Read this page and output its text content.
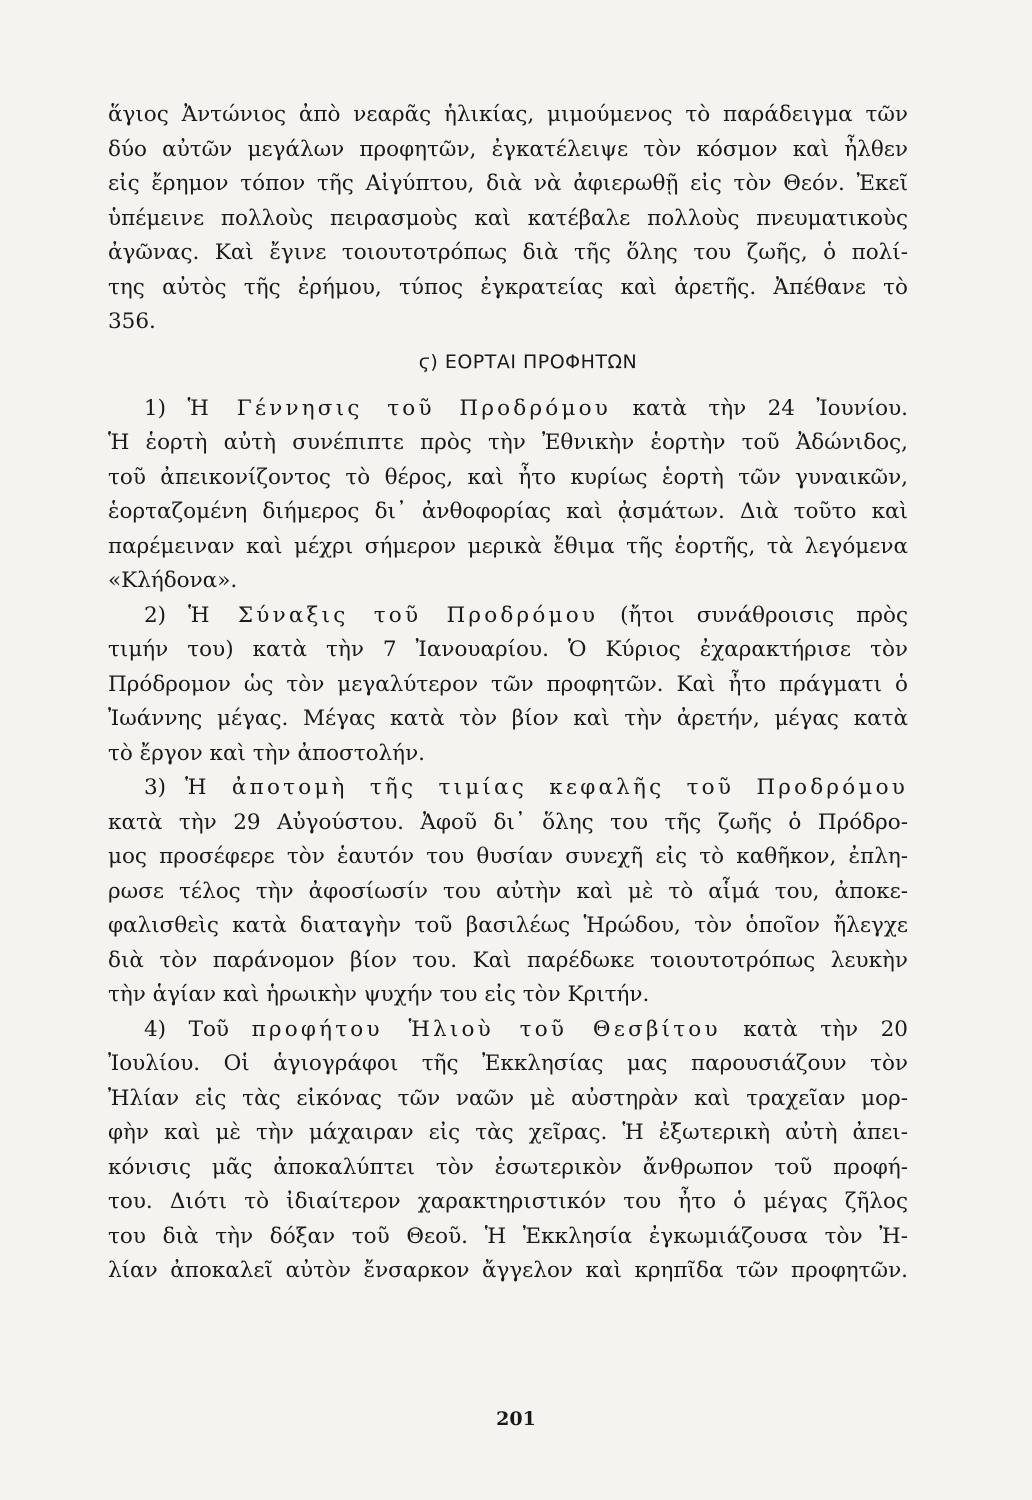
ἅγιος Ἀντώνιος ἀπὸ νεαρᾶς ἡλικίας, μιμούμενος τὸ παράδειγμα τῶν
δύο αὐτῶν μεγάλων προφητῶν, ἐγκατέλειψε τὸν κόσμον καὶ ἦλθεν
εἰς ἔρημον τόπον τῆς Αἰγύπτου, διὰ νὰ ἀφιερωθῇ εἰς τὸν Θεόν. Ἐκεῖ
ὑπέμεινε πολλοὺς πειρασμοὺς καὶ κατέβαλε πολλοὺς πνευματικοὺς
ἀγῶνας. Καὶ ἔγινε τοιουτοτρόπως διὰ τῆς ὅλης του ζωῆς, ὁ πολί-
της αὐτὸς τῆς ἐρήμου, τύπος ἐγκρατείας καὶ ἀρετῆς. Ἀπέθανε τὸ
356.
ϛ) ΕΟΡΤΑΙ ΠΡΟΦΗΤΩΝ
1) Ἡ Γέννησις τοῦ Προδρόμου κατὰ τὴν 24 Ἰουνίου.
Ἡ ἑορτὴ αὐτὴ συνέπιπτε πρὸς τὴν Ἐθνικὴν ἑορτὴν τοῦ Ἀδώνιδος,
τοῦ ἀπεικονίζοντος τὸ θέρος, καὶ ἦτο κυρίως ἑορτὴ τῶν γυναικῶν,
ἑορταζομένη διήμερος δι᾿ ἀνθοφορίας καὶ ᾀσμάτων. Διὰ τοῦτο καὶ
παρέμειναν καὶ μέχρι σήμερον μερικὰ ἔθιμα τῆς ἑορτῆς, τὰ λεγόμενα
«Κλήδονα».
2) Ἡ Σύναξις τοῦ Προδρόμου (ἤτοι συνάθροισις πρὸς
τιμήν του) κατὰ τὴν 7 Ἰανουαρίου. Ὁ Κύριος ἐχαρακτήρισε τὸν
Πρόδρομον ὡς τὸν μεγαλύτερον τῶν προφητῶν. Καὶ ἦτο πράγματι ὁ
Ἰωάννης μέγας. Μέγας κατὰ τὸν βίον καὶ τὴν ἀρετήν, μέγας κατὰ
τὸ ἔργον καὶ τὴν ἀποστολήν.
3) Ἡ ἀποτομὴ τῆς τιμίας κεφαλῆς τοῦ Προδρόμου
κατὰ τὴν 29 Αὐγούστου. Ἀφοῦ δι᾿ ὅλης του τῆς ζωῆς ὁ Πρόδρο-
μος προσέφερε τὸν ἑαυτόν του θυσίαν συνεχῆ εἰς τὸ καθῆκον, ἐπλη-
ρωσε τέλος τὴν ἀφοσίωσίν του αὐτὴν καὶ μὲ τὸ αἷμά του, ἀποκε-
φαλισθεὶς κατὰ διαταγὴν τοῦ βασιλέως Ἡρώδου, τὸν ὁποῖον ἤλεγχε
διὰ τὸν παράνομον βίον του. Καὶ παρέδωκε τοιουτοτρόπως λευκὴν
τὴν ἁγίαν καὶ ἡρωικὴν ψυχήν του εἰς τὸν Κριτήν.
4) Τοῦ προφήτου Ἡλιοὺ τοῦ Θεσβίτου κατὰ τὴν 20
Ἰουλίου. Οἱ ἁγιογράφοι τῆς Ἐκκλησίας μας παρουσιάζουν τὸν
Ἠλίαν εἰς τὰς εἰκόνας τῶν ναῶν μὲ αὐστηρὰν καὶ τραχεῖαν μορ-
φὴν καὶ μὲ τὴν μάχαιραν εἰς τὰς χεῖρας. Ἡ ἐξωτερικὴ αὐτὴ ἀπει-
κόνισις μᾶς ἀποκαλύπτει τὸν ἐσωτερικὸν ἄνθρωπον τοῦ προφή-
του. Διότι τὸ ἰδιαίτερον χαρακτηριστικόν του ἦτο ὁ μέγας ζῆλος
του διὰ τὴν δόξαν τοῦ Θεοῦ. Ἡ Ἐκκλησία ἐγκωμιάζουσα τὸν Ἠ-
λίαν ἀποκαλεῖ αὐτὸν ἔνσαρκον ἄγγελον καὶ κρηπῖδα τῶν προφητῶν.
201
